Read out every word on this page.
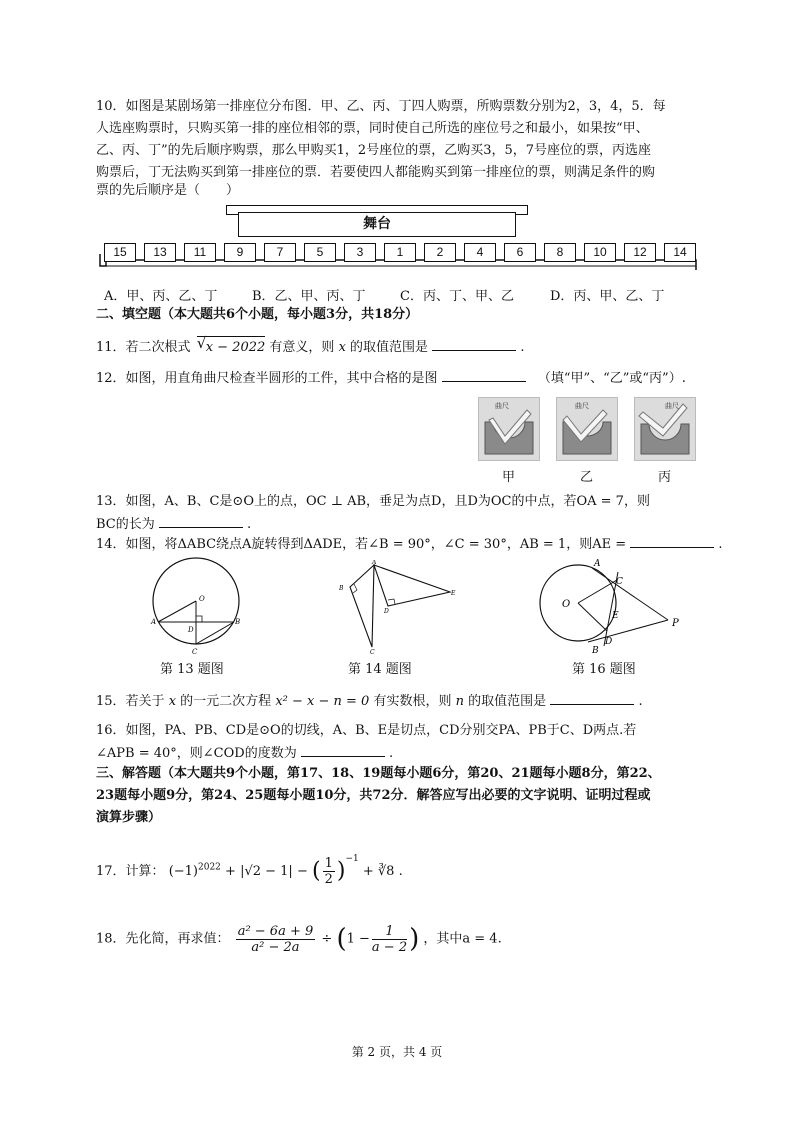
10．如图是某剧场第一排座位分布图．甲、乙、丙、丁四人购票，所购票数分别为2，3，4，5．每
人选座购票时，只购买第一排的座位相邻的票，同时使自己所选的座位号之和最小，如果按“甲、
乙、丙、丁”的先后顺序购票，那么甲购买1，2号座位的票，乙购买3，5，7号座位的票，丙选座
购票后，丁无法购买到第一排座位的票．若要使四人都能购买到第一排座位的票，则满足条件的购
票的先后顺序是（　　）
舞台
15	13	11	9	7	5	3	1	2	4	6	8	10	12	14
A．甲、丙、乙、丁	B．乙、甲、丙、丁	C．丙、丁、甲、乙	D．丙、甲、乙、丁
二、填空题（本大题共6个小题，每小题3分，共18分）
11．若二次根式 √ x − 2022 有意义，则 x 的取值范围是	.
12．如图，用直角曲尺检查半圆形的工件，其中合格的是图	（填“甲”、“乙”或“丙”）.
曲尺	曲尺	曲尺
甲	乙	丙
13．如图，A、B、C是⊙O上的点，OC ⊥ AB，垂足为点D，且D为OC的中点，若OA = 7，则
BC的长为	.
14．如图，将ΔABC绕点A旋转得到ΔADE，若∠B = 90°，∠C = 30°，AB = 1，则AE =	.
O
A	B
C
D
第 13 题图
A
B
C
D
E
第 14 题图
O
A
C
E
P
D
B
第 16 题图
15．若关于 x 的一元二次方程 x² − x − n = 0 有实数根，则 n 的取值范围是	.
16．如图，PA、PB、CD是⊙O的切线，A、B、E是切点，CD分别交PA、PB于C、D两点.若
∠APB = 40°，则∠COD的度数为	.
三、解答题（本大题共9个小题，第17、18、19题每小题6分，第20、21题每小题8分，第22、
23题每小题9分，第24、25题每小题10分，共72分．解答应写出必要的文字说明、证明过程或
演算步骤）
17．计算： $(-1)^{2022} + |√2 - 1|$ − ( $\frac{1}{2} )^{-1}$ + ∛8 .
18．先化简，再求值： $\frac{\text{a² − 6a + 9}}{\text{a² − 2a}} \div (1 - \frac{1}{a - 2}$ ) ，其中a = 4.
第 2 页，共 4 页
